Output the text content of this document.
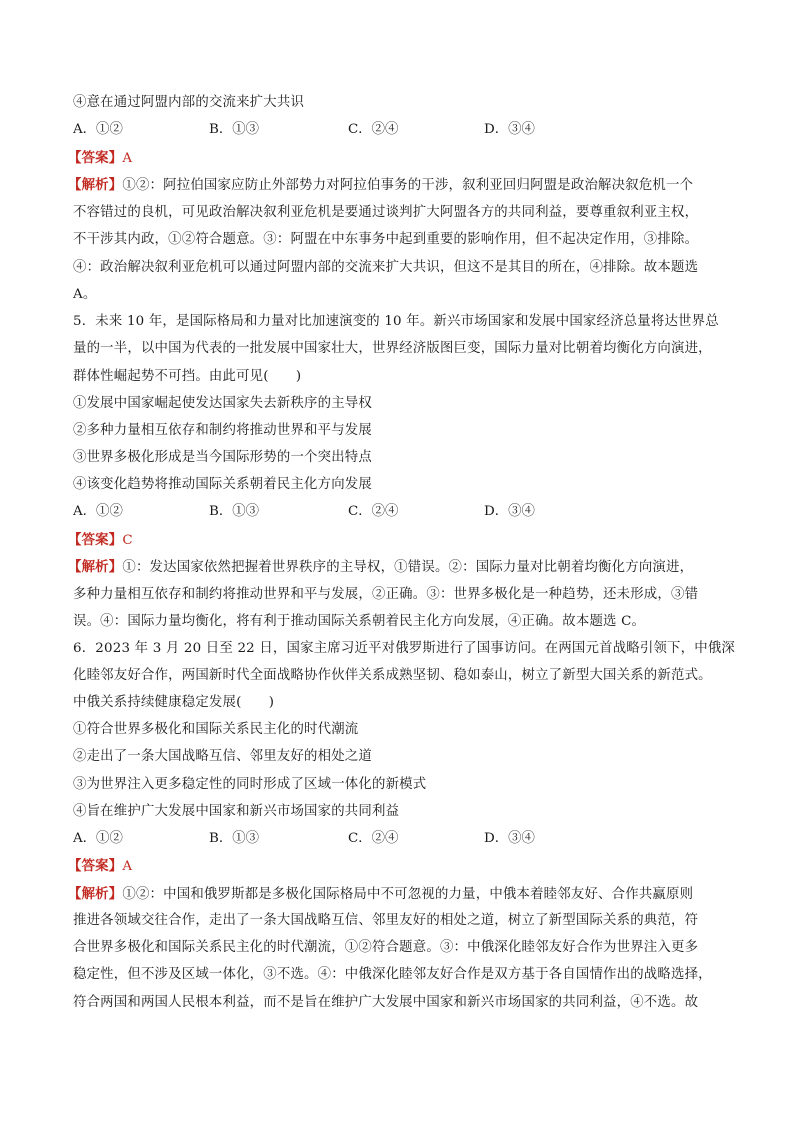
④意在通过阿盟内部的交流来扩大共识
A．①②	B．①③	C．②④	D．③④
【答案】A
【解析】①②：阿拉伯国家应防止外部势力对阿拉伯事务的干涉，叙利亚回归阿盟是政治解决叙危机一个
不容错过的良机，可见政治解决叙利亚危机是要通过谈判扩大阿盟各方的共同利益，要尊重叙利亚主权，
不干涉其内政，①②符合题意。③：阿盟在中东事务中起到重要的影响作用，但不起决定作用，③排除。
④：政治解决叙利亚危机可以通过阿盟内部的交流来扩大共识，但这不是其目的所在，④排除。故本题选
A。
5．未来 10 年，是国际格局和力量对比加速演变的 10 年。新兴市场国家和发展中国家经济总量将达世界总
量的一半，以中国为代表的一批发展中国家壮大，世界经济版图巨变，国际力量对比朝着均衡化方向演进，
群体性崛起势不可挡。由此可见(　　)
①发展中国家崛起使发达国家失去新秩序的主导权
②多种力量相互依存和制约将推动世界和平与发展
③世界多极化形成是当今国际形势的一个突出特点
④该变化趋势将推动国际关系朝着民主化方向发展
A．①②	B．①③	C．②④	D．③④
【答案】C
【解析】①：发达国家依然把握着世界秩序的主导权，①错误。②：国际力量对比朝着均衡化方向演进，
多种力量相互依存和制约将推动世界和平与发展，②正确。③：世界多极化是一种趋势，还未形成，③错
误。④：国际力量均衡化，将有利于推动国际关系朝着民主化方向发展，④正确。故本题选 C。
6．2023 年 3 月 20 日至 22 日，国家主席习近平对俄罗斯进行了国事访问。在两国元首战略引领下，中俄深
化睦邻友好合作，两国新时代全面战略协作伙伴关系成熟坚韧、稳如泰山，树立了新型大国关系的新范式。
中俄关系持续健康稳定发展(　　)
①符合世界多极化和国际关系民主化的时代潮流
②走出了一条大国战略互信、邻里友好的相处之道
③为世界注入更多稳定性的同时形成了区域一体化的新模式
④旨在维护广大发展中国家和新兴市场国家的共同利益
A．①②	B．①③	C．②④	D．③④
【答案】A
【解析】①②：中国和俄罗斯都是多极化国际格局中不可忽视的力量，中俄本着睦邻友好、合作共赢原则
推进各领域交往合作，走出了一条大国战略互信、邻里友好的相处之道，树立了新型国际关系的典范，符
合世界多极化和国际关系民主化的时代潮流，①②符合题意。③：中俄深化睦邻友好合作为世界注入更多
稳定性，但不涉及区域一体化，③不选。④：中俄深化睦邻友好合作是双方基于各自国情作出的战略选择，
符合两国和两国人民根本利益，而不是旨在维护广大发展中国家和新兴市场国家的共同利益，④不选。故
